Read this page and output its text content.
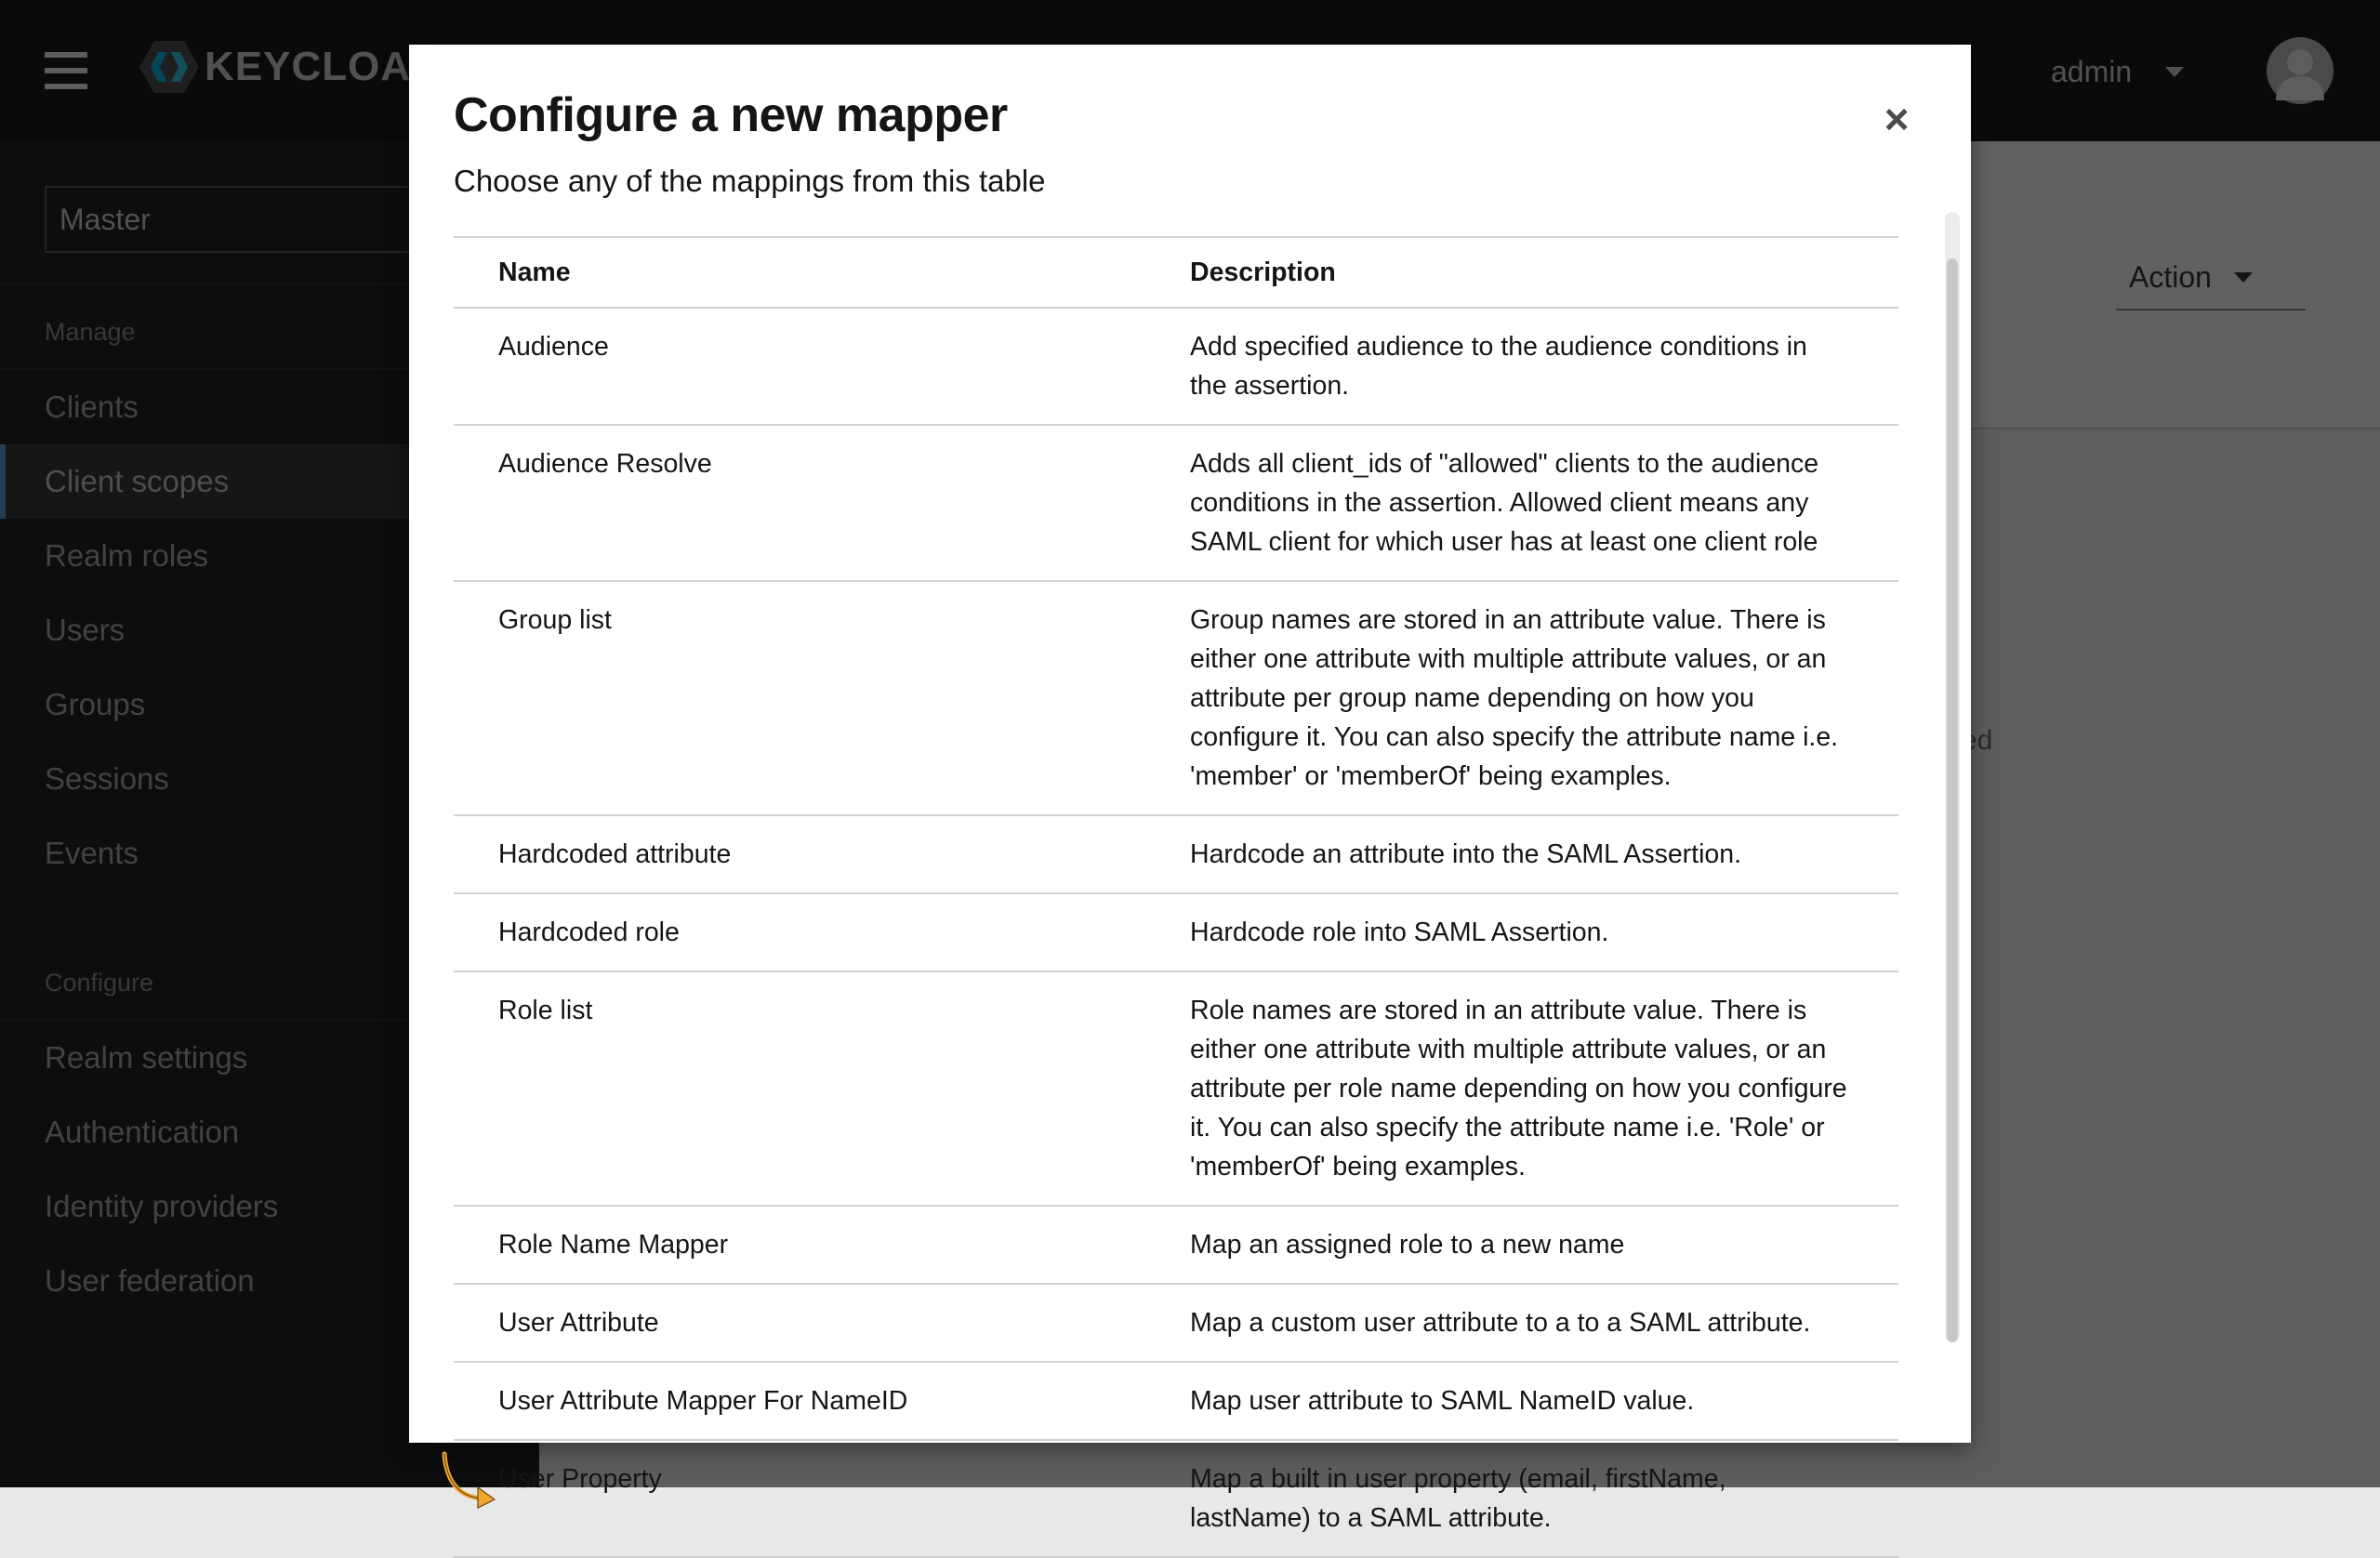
Configure a new mapper	×

Choose any of the mappings from this table

Name	Description
Audience	Add specified audience to the audience conditions in the assertion.
Audience Resolve	Adds all client_ids of "allowed" clients to the audience conditions in the assertion. Allowed client means any SAML client for which user has at least one client role
Group list	Group names are stored in an attribute value. There is either one attribute with multiple attribute values, or an attribute per group name depending on how you configure it. You can also specify the attribute name i.e. 'member' or 'memberOf' being examples.
Hardcoded attribute	Hardcode an attribute into the SAML Assertion.
Hardcoded role	Hardcode role into SAML Assertion.
Role list	Role names are stored in an attribute value. There is either one attribute with multiple attribute values, or an attribute per role name depending on how you configure it. You can also specify the attribute name i.e. 'Role' or 'memberOf' being examples.
Role Name Mapper	Map an assigned role to a new name
User Attribute	Map a custom user attribute to a to a SAML attribute.
User Attribute Mapper For NameID	Map user attribute to SAML NameID value.

User Property	Map a built in user property (email, firstName, lastName) to a SAML attribute.
